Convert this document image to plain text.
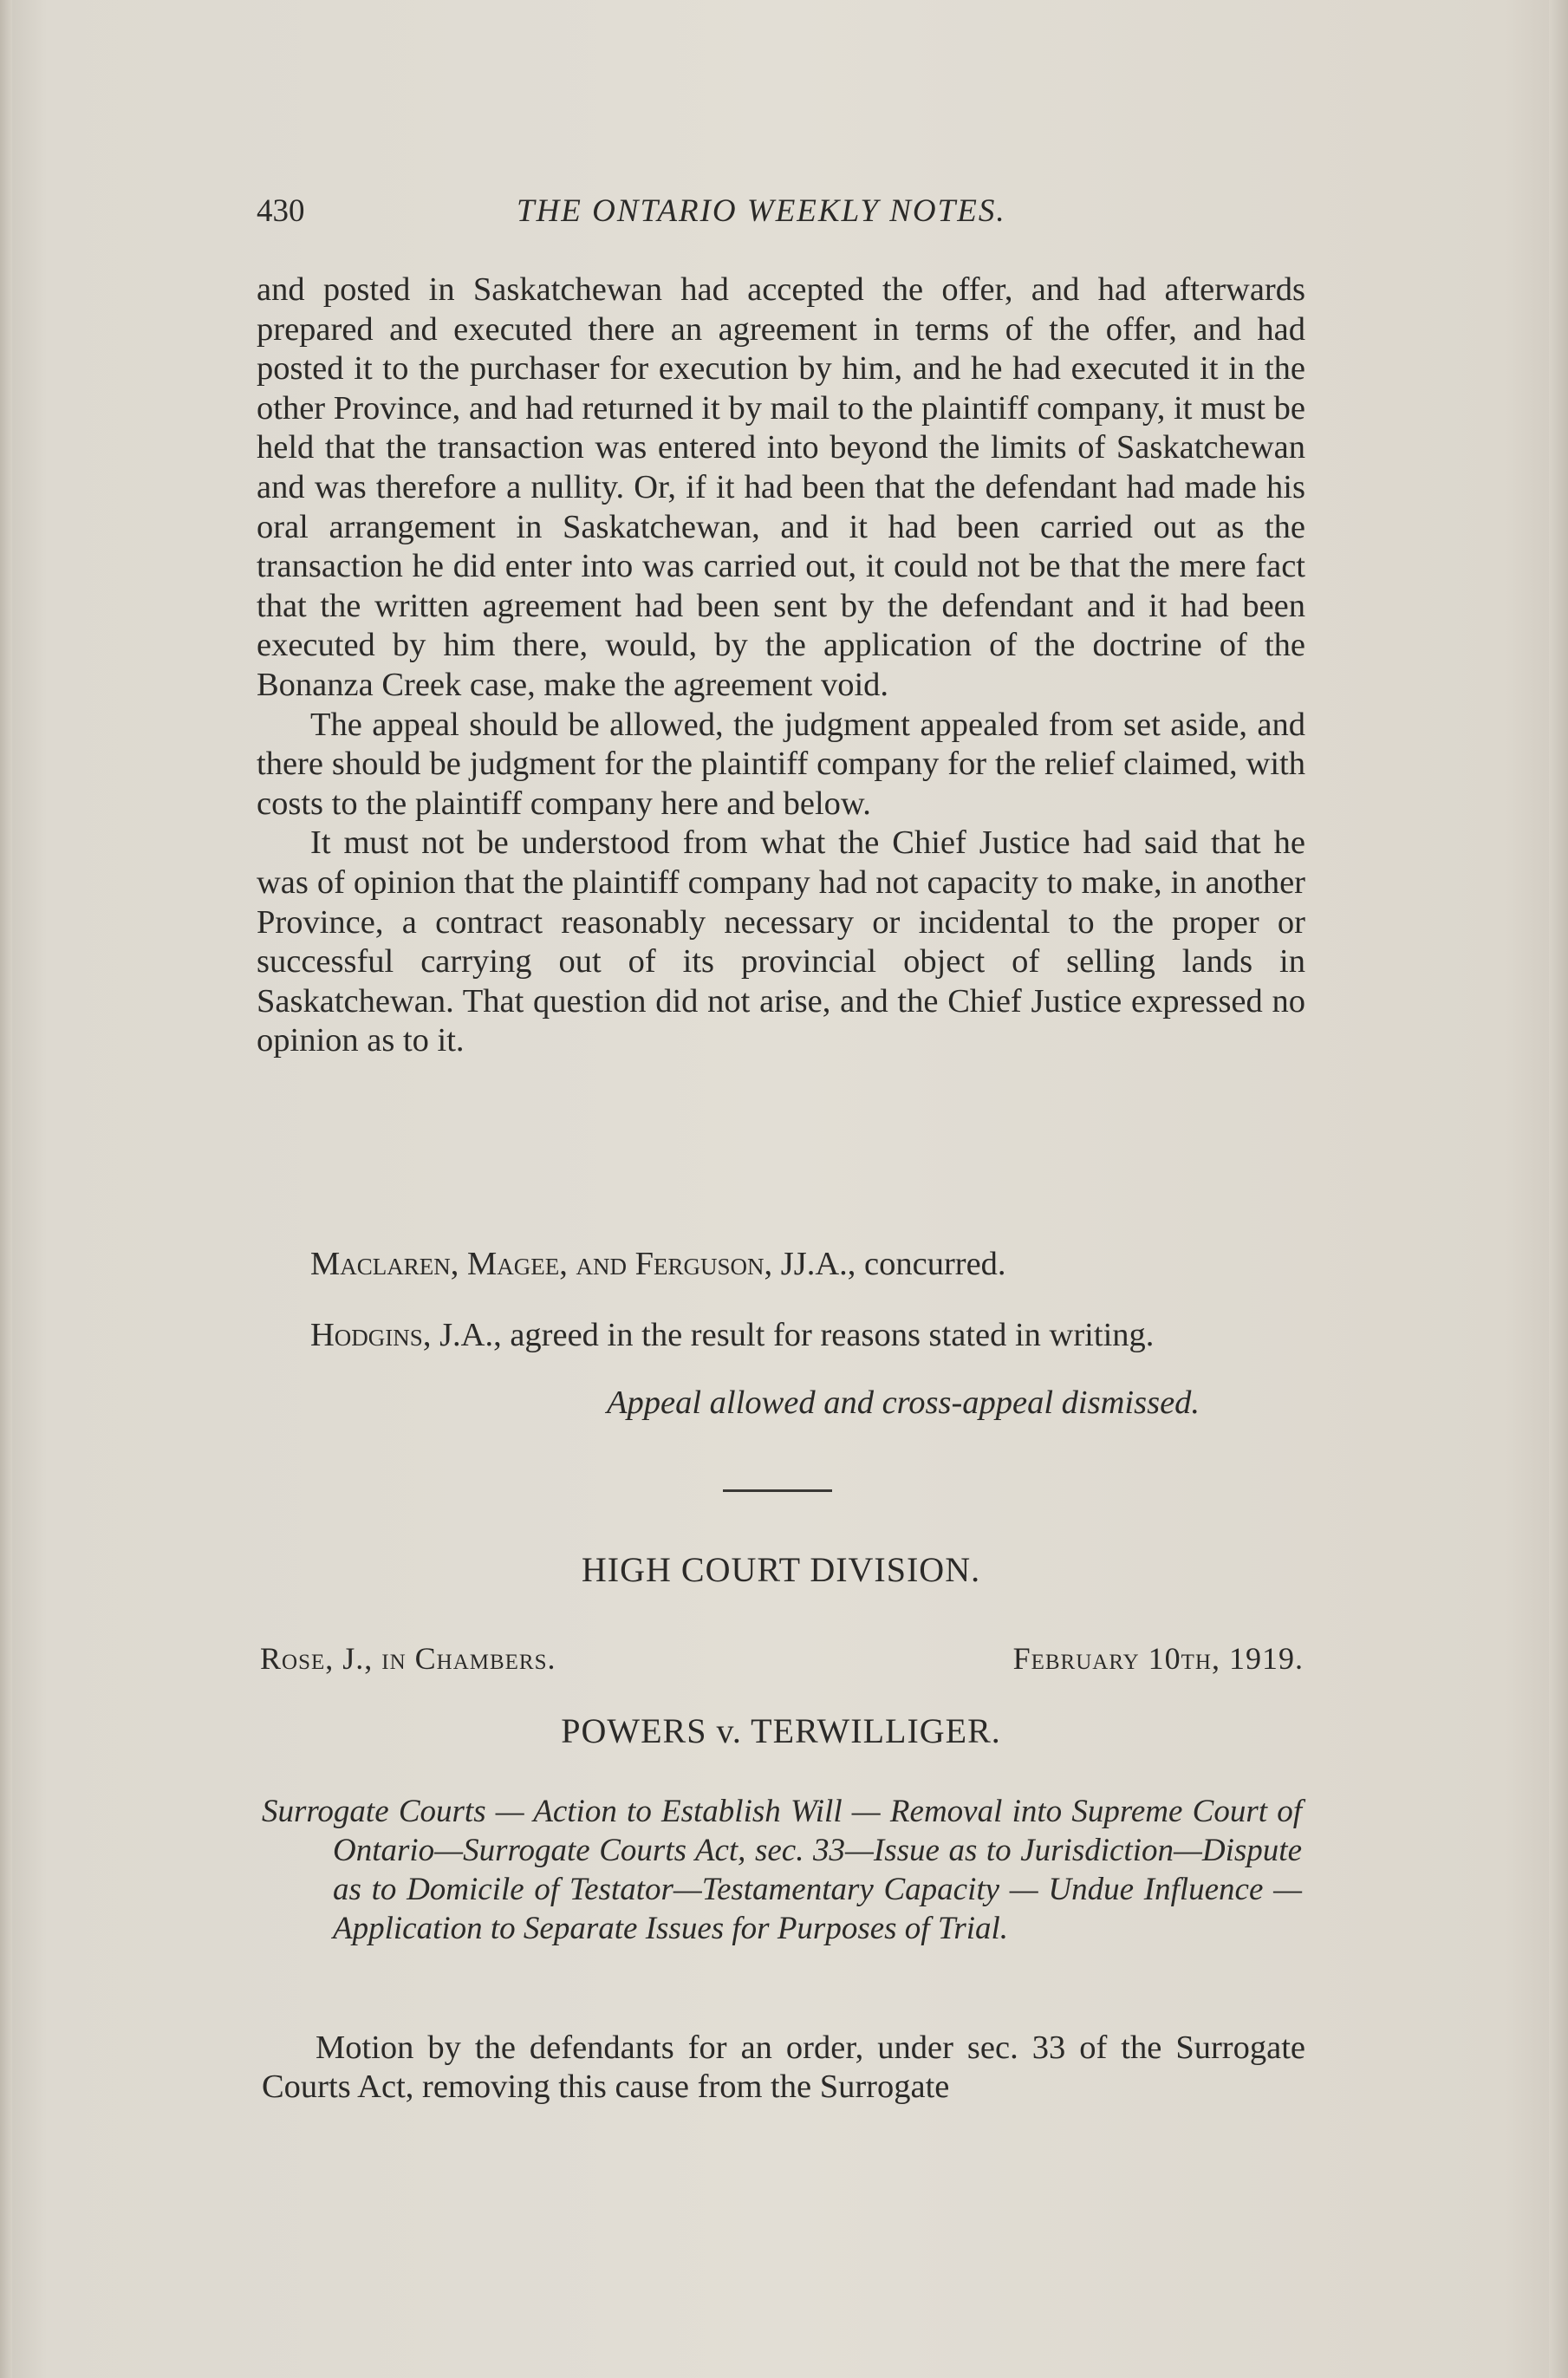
430	THE ONTARIO WEEKLY NOTES.

and posted in Saskatchewan had accepted the offer, and had afterwards prepared and executed there an agreement in terms of the offer, and had posted it to the purchaser for execution by him, and he had executed it in the other Province, and had returned it by mail to the plaintiff company, it must be held that the transaction was entered into beyond the limits of Saskatchewan and was therefore a nullity. Or, if it had been that the defendant had made his oral arrangement in Saskatchewan, and it had been carried out as the transaction he did enter into was carried out, it could not be that the mere fact that the written agreement had been sent by the defendant and it had been executed by him there, would, by the application of the doctrine of the Bonanza Creek case, make the agreement void.

The appeal should be allowed, the judgment appealed from set aside, and there should be judgment for the plaintiff company for the relief claimed, with costs to the plaintiff company here and below.

It must not be understood from what the Chief Justice had said that he was of opinion that the plaintiff company had not capacity to make, in another Province, a contract reasonably necessary or incidental to the proper or successful carrying out of its provincial object of selling lands in Saskatchewan. That question did not arise, and the Chief Justice expressed no opinion as to it.

Maclaren, Magee, and Ferguson, JJ.A., concurred.
Hodgins, J.A., agreed in the result for reasons stated in writing.
Appeal allowed and cross-appeal dismissed.
HIGH COURT DIVISION.
Rose, J., in Chambers.	February 10th, 1919.
POWERS v. TERWILLIGER.

Surrogate Courts — Action to Establish Will — Removal into Supreme Court of Ontario—Surrogate Courts Act, sec. 33—Issue as to Jurisdiction—Dispute as to Domicile of Testator—Testamentary Capacity — Undue Influence — Application to Separate Issues for Purposes of Trial.

Motion by the defendants for an order, under sec. 33 of the Surrogate Courts Act, removing this cause from the Surrogate
